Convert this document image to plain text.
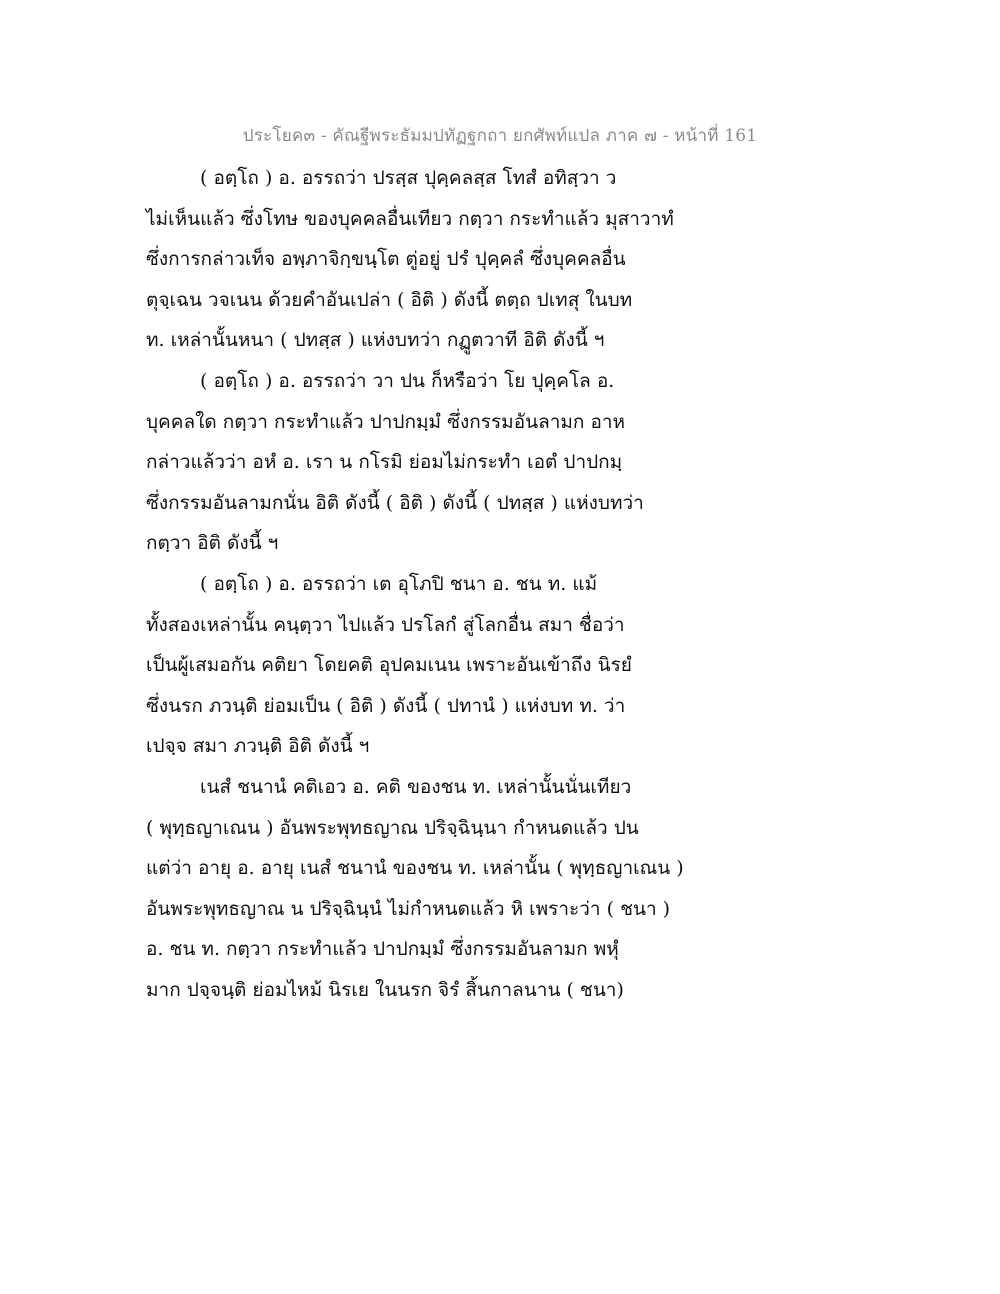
ประโยค๓ - คัณฐีพระธัมมปทัฏฐกถา ยกศัพท์แปล ภาค ๗ - หน้าที่ 161
( อตฺโถ ) อ. อรรถว่า ปรสฺส ปุคฺคลสฺส โทสํ อทิสฺวา ว
ไม่เห็นแล้ว ซึ่งโทษ ของบุคคลอื่นเทียว กตฺวา กระทำแล้ว มุสาวาทํ
ซึ่งการกล่าวเท็จ อพฺภาจิกฺขนฺโต ตู่อยู่ ปรํ ปุคฺคลํ ซึ่งบุคคลอื่น
ตุจฺเฉน วจเนน ด้วยคำอันเปล่า ( อิติ ) ดังนี้ ตตฺถ ปเทสุ ในบท
ท. เหล่านั้นหนา ( ปทสฺส ) แห่งบทว่า กฏูตวาที อิติ ดังนี้ ฯ
( อตฺโถ ) อ. อรรถว่า วา ปน ก็หรือว่า โย ปุคฺคโล อ.
บุคคลใด กตฺวา กระทำแล้ว ปาปกมฺมํ ซึ่งกรรมอันลามก อาห
กล่าวแล้วว่า อหํ อ. เรา น กโรมิ ย่อมไม่กระทำ เอตํ ปาปกมฺ
ซึ่งกรรมอันลามกนั่น อิติ ดังนี้ ( อิติ ) ดังนี้ ( ปทสฺส ) แห่งบทว่า
กตฺวา อิติ ดังนี้ ฯ
( อตฺโถ ) อ. อรรถว่า เต อุโภปิ ชนา อ. ชน ท. แม้
ทั้งสองเหล่านั้น คนฺตฺวา ไปแล้ว ปรโลกํ สู่โลกอื่น สมา ชื่อว่า
เป็นผู้เสมอกัน คติยา โดยคติ อุปคมเนน เพราะอันเข้าถึง นิรยํ
ซึ่งนรก ภวนฺติ ย่อมเป็น ( อิติ ) ดังนี้ ( ปทานํ ) แห่งบท ท. ว่า
เปจฺจ สมา ภวนฺติ อิติ ดังนี้ ฯ
เนสํ ชนานํ คติเอว อ. คติ ของชน ท. เหล่านั้นนั่นเทียว
( พุทฺธญาเณน ) อันพระพุทธญาณ ปริจฺฉินฺนา กำหนดแล้ว ปน
แต่ว่า อายุ อ. อายุ เนสํ ชนานํ ของชน ท. เหล่านั้น ( พุทฺธญาเณน )
อันพระพุทธญาณ น ปริจฺฉินฺนํ ไม่กำหนดแล้ว หิ เพราะว่า ( ชนา )
อ. ชน ท. กตฺวา กระทำแล้ว ปาปกมฺมํ ซึ่งกรรมอันลามก พหุํ
มาก ปจฺจนฺติ ย่อมไหม้ นิรเย ในนรก จิรํ สิ้นกาลนาน ( ชนา)
